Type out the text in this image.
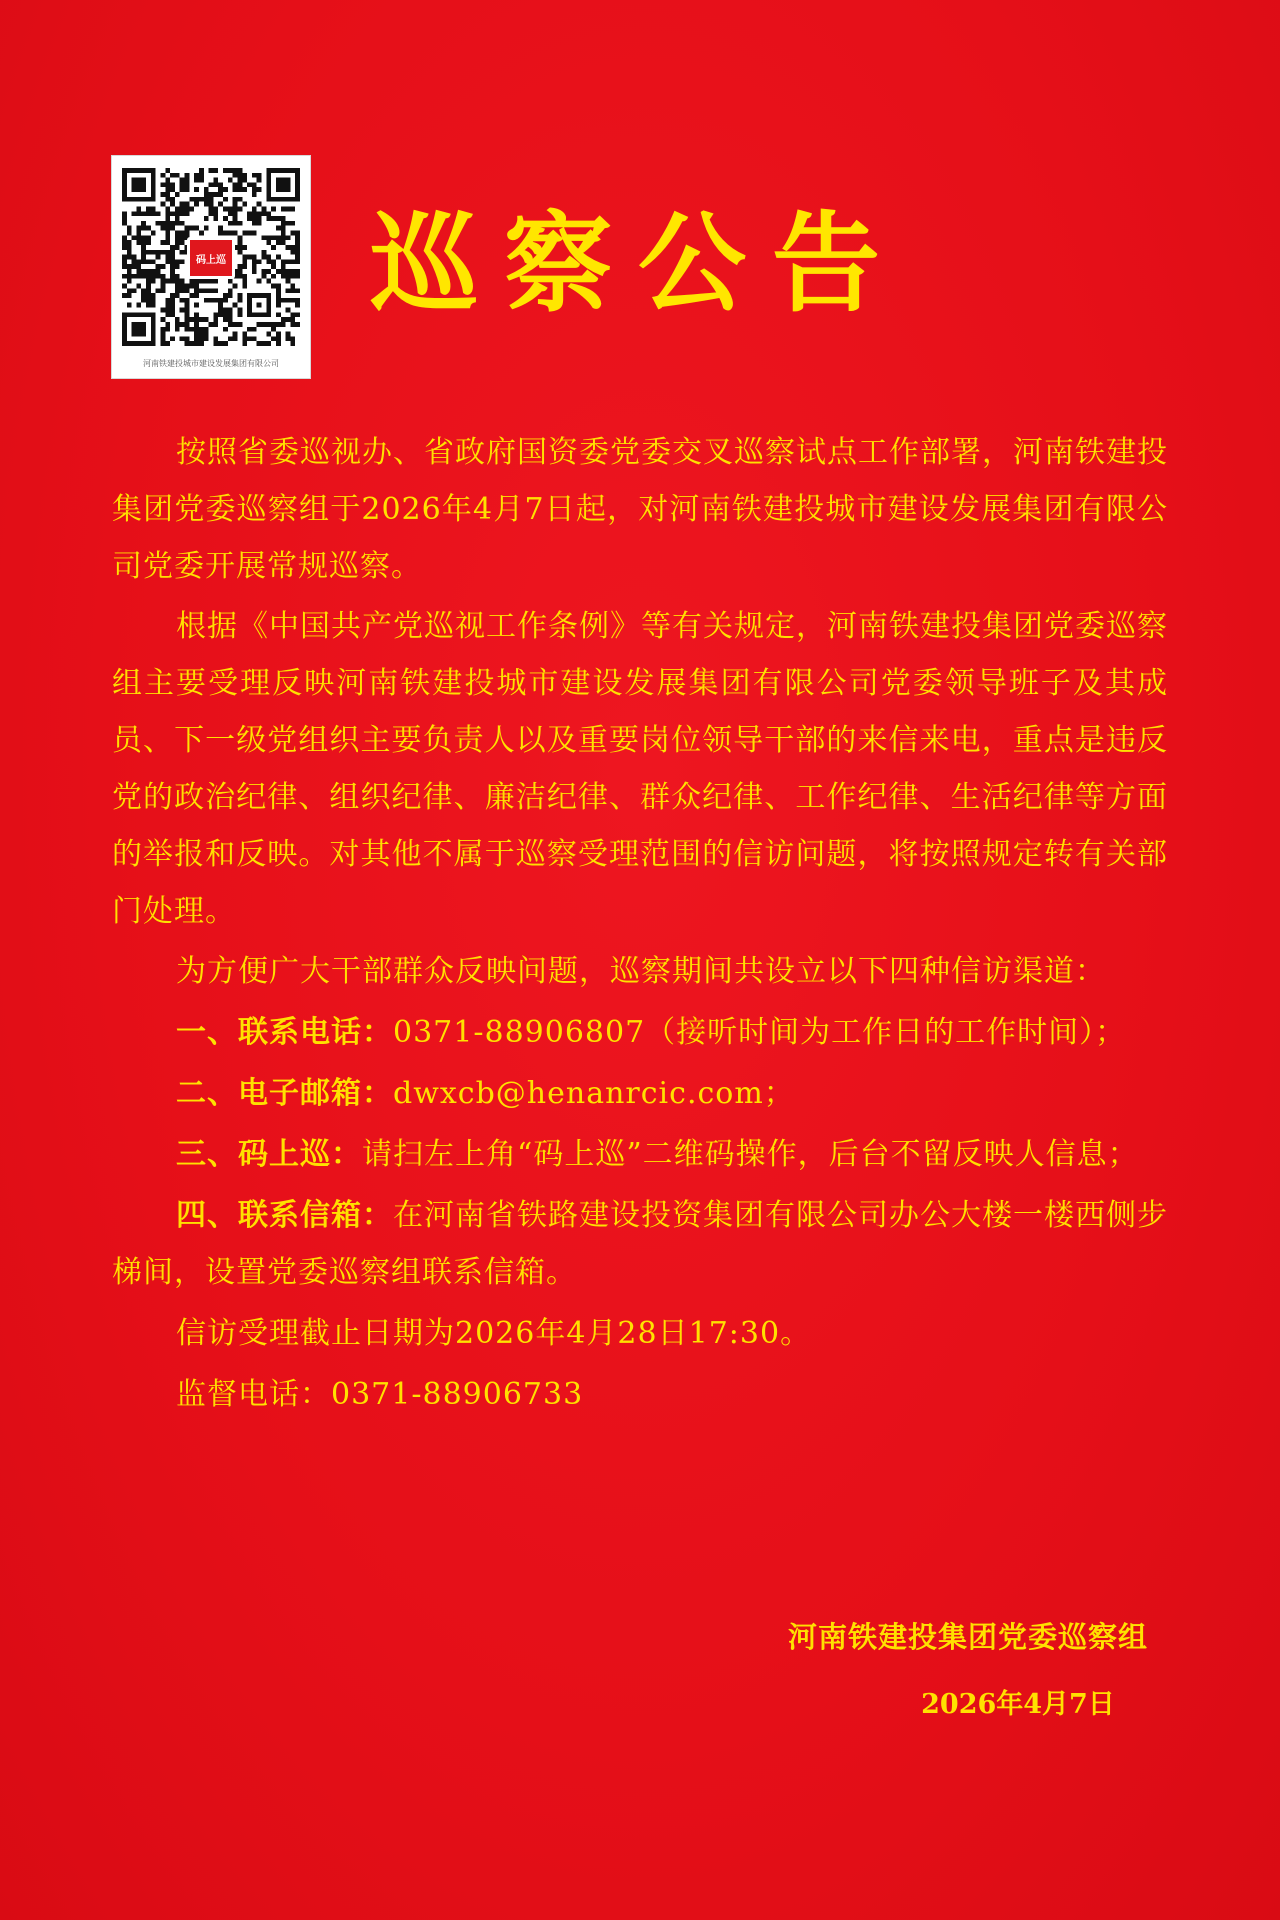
码上巡
河南铁建投城市建设发展集团有限公司
巡察公告

按照省委巡视办、省政府国资委党委交叉巡察试点工作部署，河南铁建投集团党委巡察组于2026年4月7日起，对河南铁建投城市建设发展集团有限公司党委开展常规巡察。

根据《中国共产党巡视工作条例》等有关规定，河南铁建投集团党委巡察组主要受理反映河南铁建投城市建设发展集团有限公司党委领导班子及其成员、下一级党组织主要负责人以及重要岗位领导干部的来信来电，重点是违反党的政治纪律、组织纪律、廉洁纪律、群众纪律、工作纪律、生活纪律等方面的举报和反映。对其他不属于巡察受理范围的信访问题，将按照规定转有关部门处理。

为方便广大干部群众反映问题，巡察期间共设立以下四种信访渠道：

一、联系电话：0371-88906807（接听时间为工作日的工作时间）；

二、电子邮箱：dwxcb@henanrcic.com；

三、码上巡：请扫左上角“码上巡”二维码操作，后台不留反映人信息；

四、联系信箱：在河南省铁路建设投资集团有限公司办公大楼一楼西侧步梯间，设置党委巡察组联系信箱。

信访受理截止日期为2026年4月28日17:30。

监督电话：0371-88906733

河南铁建投集团党委巡察组
2026年4月7日
